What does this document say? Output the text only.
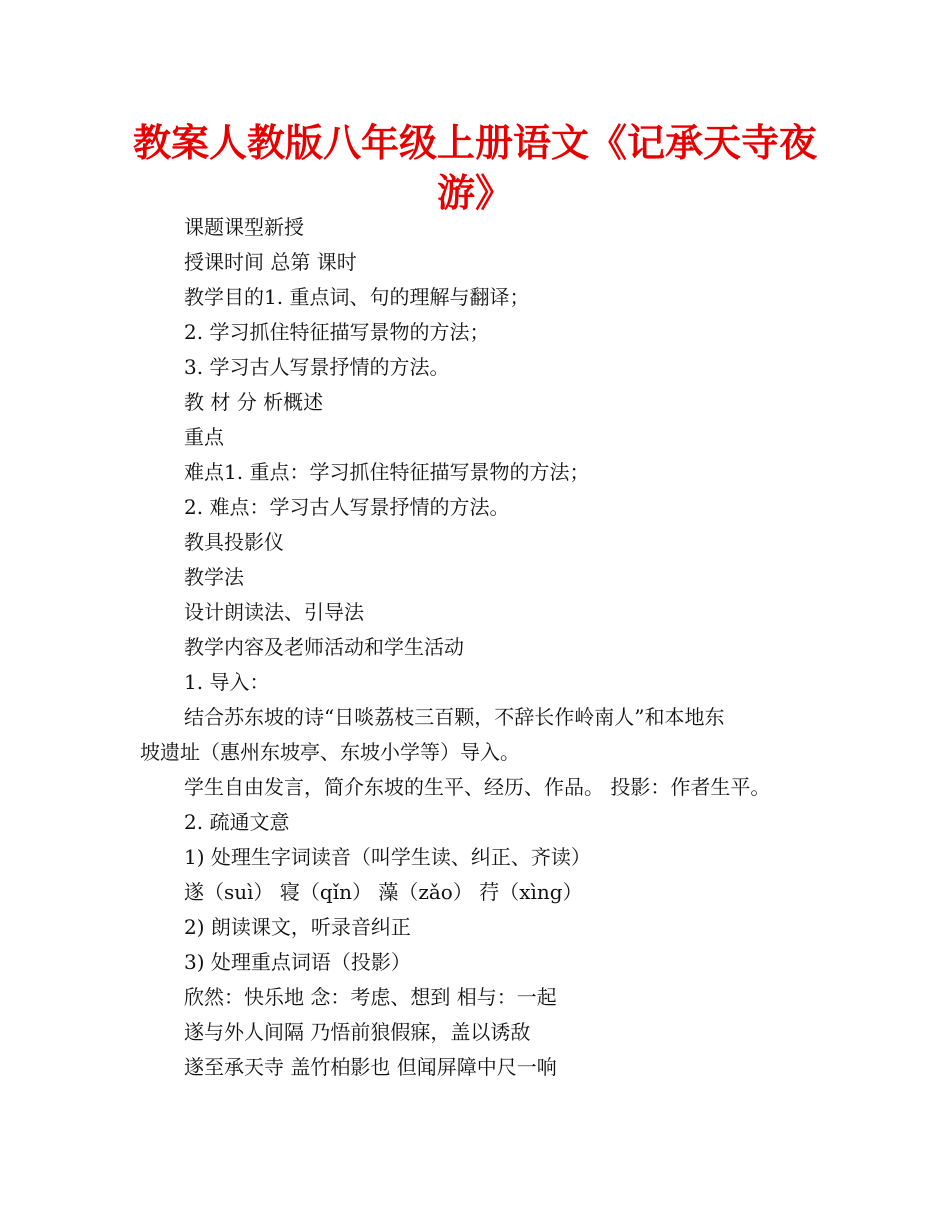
教案人教版八年级上册语文《记承天寺夜游》
课题课型新授
授课时间 总第 课时
教学目的1. 重点词、句的理解与翻译；
2. 学习抓住特征描写景物的方法；
3. 学习古人写景抒情的方法。
教 材 分 析概述
重点
难点1. 重点：学习抓住特征描写景物的方法；
2. 难点：学习古人写景抒情的方法。
教具投影仪
教学法
设计朗读法、引导法
教学内容及老师活动和学生活动
1. 导入：
结合苏东坡的诗“日啖荔枝三百颗，不辞长作岭南人”和本地东
坡遗址（惠州东坡亭、东坡小学等）导入。
学生自由发言，简介东坡的生平、经历、作品。 投影：作者生平。
2. 疏通文意
1) 处理生字词读音（叫学生读、纠正、齐读）
遂（suì） 寝（qǐn） 藻（zǎo） 荇（xìng）
2) 朗读课文，听录音纠正
3) 处理重点词语（投影）
欣然：快乐地 念：考虑、想到 相与：一起
遂与外人间隔 乃悟前狼假寐，盖以诱敌
遂至承天寺 盖竹柏影也 但闻屏障中尺一响
